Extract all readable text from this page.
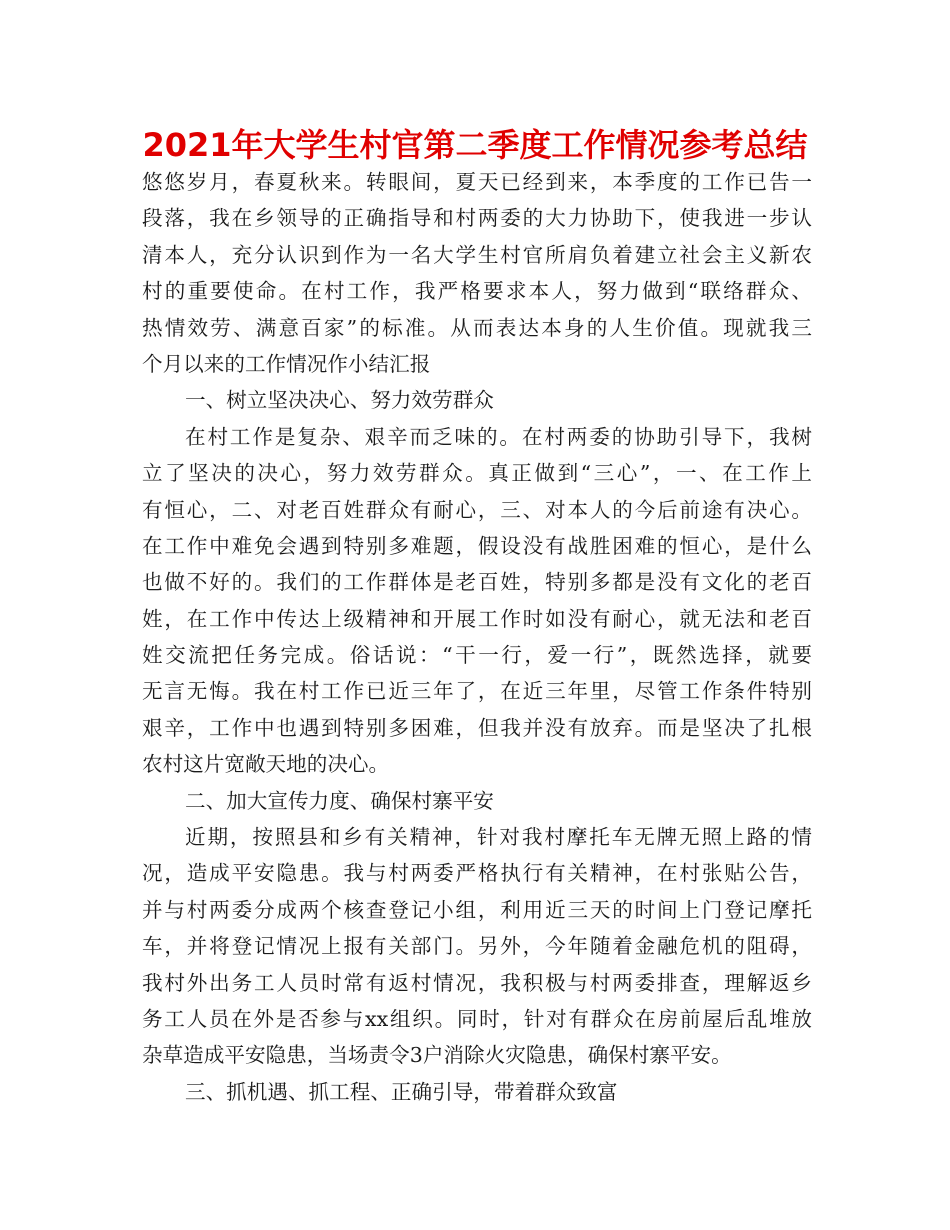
2021年大学生村官第二季度工作情况参考总结
悠悠岁月，春夏秋来。转眼间，夏天已经到来，本季度的工作已告一
段落，我在乡领导的正确指导和村两委的大力协助下，使我进一步认
清本人，充分认识到作为一名大学生村官所肩负着建立社会主义新农
村的重要使命。在村工作，我严格要求本人，努力做到“联络群众、
热情效劳、满意百家”的标准。从而表达本身的人生价值。现就我三
个月以来的工作情况作小结汇报
一、树立坚决决心、努力效劳群众
在村工作是复杂、艰辛而乏味的。在村两委的协助引导下，我树
立了坚决的决心，努力效劳群众。真正做到“三心”，一、在工作上
有恒心，二、对老百姓群众有耐心，三、对本人的今后前途有决心。
在工作中难免会遇到特别多难题，假设没有战胜困难的恒心，是什么
也做不好的。我们的工作群体是老百姓，特别多都是没有文化的老百
姓，在工作中传达上级精神和开展工作时如没有耐心，就无法和老百
姓交流把任务完成。俗话说：“干一行，爱一行”，既然选择，就要
无言无悔。我在村工作已近三年了，在近三年里，尽管工作条件特别
艰辛，工作中也遇到特别多困难，但我并没有放弃。而是坚决了扎根
农村这片宽敞天地的决心。
二、加大宣传力度、确保村寨平安
近期，按照县和乡有关精神，针对我村摩托车无牌无照上路的情
况，造成平安隐患。我与村两委严格执行有关精神，在村张贴公告，
并与村两委分成两个核查登记小组，利用近三天的时间上门登记摩托
车，并将登记情况上报有关部门。另外，今年随着金融危机的阻碍，
我村外出务工人员时常有返村情况，我积极与村两委排查，理解返乡
务工人员在外是否参与xx组织。同时，针对有群众在房前屋后乱堆放
杂草造成平安隐患，当场责令3户消除火灾隐患，确保村寨平安。
三、抓机遇、抓工程、正确引导，带着群众致富
